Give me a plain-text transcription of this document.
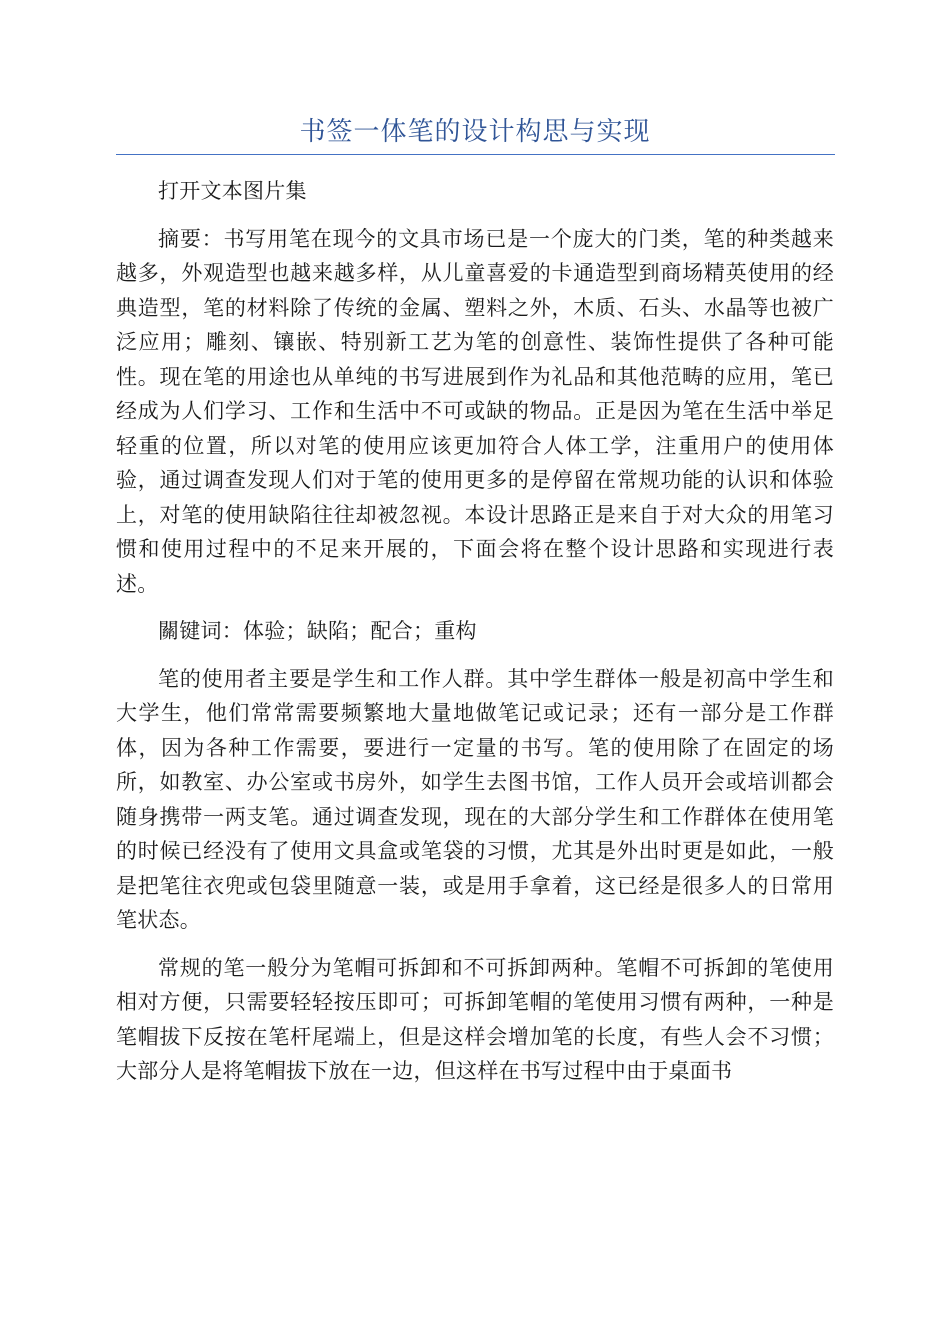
书签一体笔的设计构思与实现

打开文本图片集

摘要：书写用笔在现今的文具市场已是一个庞大的门类，笔的种类越来越多，外观造型也越来越多样，从儿童喜爱的卡通造型到商场精英使用的经典造型，笔的材料除了传统的金属、塑料之外，木质、石头、水晶等也被广泛应用；雕刻、镶嵌、特别新工艺为笔的创意性、装饰性提供了各种可能性。现在笔的用途也从单纯的书写进展到作为礼品和其他范畴的应用，笔已经成为人们学习、工作和生活中不可或缺的物品。正是因为笔在生活中举足轻重的位置，所以对笔的使用应该更加符合人体工学，注重用户的使用体验，通过调查发现人们对于笔的使用更多的是停留在常规功能的认识和体验上，对笔的使用缺陷往往却被忽视。本设计思路正是来自于对大众的用笔习惯和使用过程中的不足来开展的，下面会将在整个设计思路和实现进行表述。

關键词：体验；缺陷；配合；重构

笔的使用者主要是学生和工作人群。其中学生群体一般是初高中学生和大学生，他们常常需要频繁地大量地做笔记或记录；还有一部分是工作群体，因为各种工作需要，要进行一定量的书写。笔的使用除了在固定的场所，如教室、办公室或书房外，如学生去图书馆，工作人员开会或培训都会随身携带一两支笔。通过调查发现，现在的大部分学生和工作群体在使用笔的时候已经没有了使用文具盒或笔袋的习惯，尤其是外出时更是如此，一般是把笔往衣兜或包袋里随意一装，或是用手拿着，这已经是很多人的日常用笔状态。

常规的笔一般分为笔帽可拆卸和不可拆卸两种。笔帽不可拆卸的笔使用相对方便，只需要轻轻按压即可；可拆卸笔帽的笔使用习惯有两种，一种是笔帽拔下反按在笔杆尾端上，但是这样会增加笔的长度，有些人会不习惯；大部分人是将笔帽拔下放在一边，但这样在书写过程中由于桌面书
